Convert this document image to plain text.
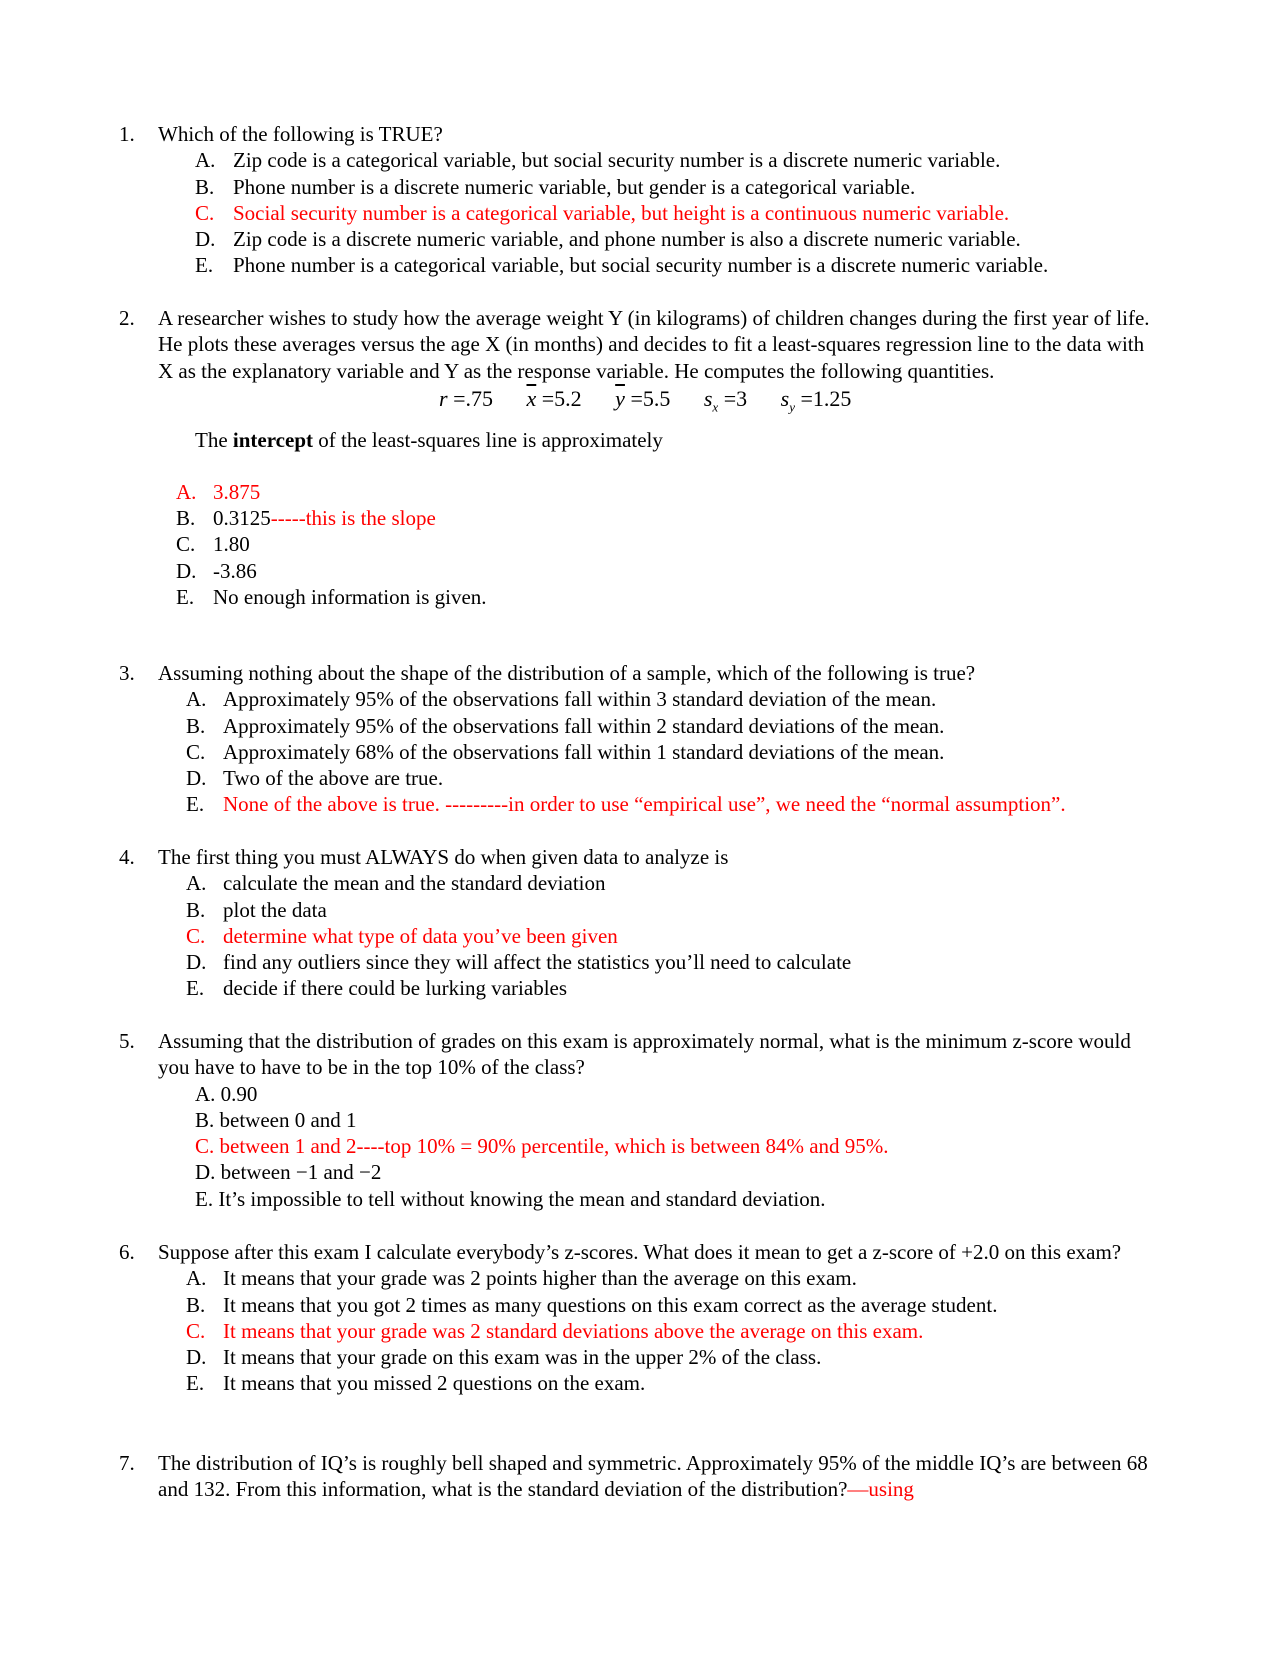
1. Which of the following is TRUE?
A. Zip code is a categorical variable, but social security number is a discrete numeric variable.
B. Phone number is a discrete numeric variable, but gender is a categorical variable.
C. Social security number is a categorical variable, but height is a continuous numeric variable.
D. Zip code is a discrete numeric variable, and phone number is also a discrete numeric variable.
E. Phone number is a categorical variable, but social security number is a discrete numeric variable.
2. A researcher wishes to study how the average weight Y (in kilograms) of children changes during the first year of life. He plots these averages versus the age X (in months) and decides to fit a least-squares regression line to the data with X as the explanatory variable and Y as the response variable. He computes the following quantities.
r =.75 $\overline{x} =5.2$ $\overline{y} =5.5$ $s_x =3$ $s_y =1.25$
The intercept of the least-squares line is approximately
A. 3.875
B. 0.3125-----this is the slope
C. 1.80
D. -3.86
E. No enough information is given.
3. Assuming nothing about the shape of the distribution of a sample, which of the following is true?
A. Approximately 95% of the observations fall within 3 standard deviation of the mean.
B. Approximately 95% of the observations fall within 2 standard deviations of the mean.
C. Approximately 68% of the observations fall within 1 standard deviations of the mean.
D. Two of the above are true.
E. None of the above is true. ---------in order to use “empirical use”, we need the “normal assumption”.
4. The first thing you must ALWAYS do when given data to analyze is
A. calculate the mean and the standard deviation
B. plot the data
C. determine what type of data you’ve been given
D. find any outliers since they will affect the statistics you’ll need to calculate
E. decide if there could be lurking variables
5. Assuming that the distribution of grades on this exam is approximately normal, what is the minimum z-score would you have to have to be in the top 10% of the class?
A. 0.90
B. between 0 and 1
C. between 1 and 2----top 10% = 90% percentile, which is between 84% and 95%.
D. between −1 and −2
E. It’s impossible to tell without knowing the mean and standard deviation.
6. Suppose after this exam I calculate everybody’s z-scores. What does it mean to get a z-score of +2.0 on this exam?
A. It means that your grade was 2 points higher than the average on this exam.
B. It means that you got 2 times as many questions on this exam correct as the average student.
C. It means that your grade was 2 standard deviations above the average on this exam.
D. It means that your grade on this exam was in the upper 2% of the class.
E. It means that you missed 2 questions on the exam.
7. The distribution of IQ’s is roughly bell shaped and symmetric. Approximately 95% of the middle IQ’s are between 68 and 132. From this information, what is the standard deviation of the distribution?—using
